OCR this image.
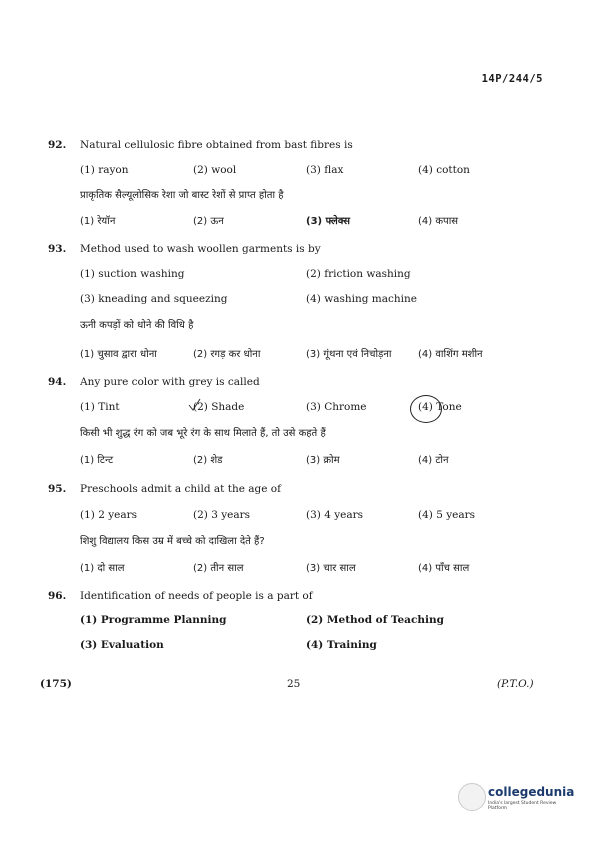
14P/244/5
92. Natural cellulosic fibre obtained from bast fibres is
(1) rayon	(2) wool	(3) flax	(4) cotton
प्राकृतिक सैल्यूलोसिक रेशा जो बास्ट रेशों से प्राप्त होता है
(1) रेयॉन	(2) ऊन	(3) फ्लेक्स	(4) कपास
93. Method used to wash woollen garments is by
(1) suction washing	(2) friction washing
(3) kneading and squeezing	(4) washing machine
ऊनी कपड़ों को धोने की विधि है
(1) चुसाव द्वारा धोना	(2) रगड़ कर धोना	(3) गूंथना एवं निचोड़ना	(4) वाशिंग मशीन
94. Any pure color with grey is called
(1) Tint	(2) Shade	(3) Chrome	(4) Tone
किसी भी शुद्ध रंग को जब भूरे रंग के साथ मिलाते हैं, तो उसे कहते हैं
(1) टिन्ट	(2) शेड	(3) क्रोम	(4) टोन
95. Preschools admit a child at the age of
(1) 2 years	(2) 3 years	(3) 4 years	(4) 5 years
शिशु विद्यालय किस उम्र में बच्चे को दाखिला देते हैं?
(1) दो साल	(2) तीन साल	(3) चार साल	(4) पाँच साल
96. Identification of needs of people is a part of
(1) Programme Planning	(2) Method of Teaching
(3) Evaluation	(4) Training
(175)	25	(P.T.O.)
collegedunia
India's largest Student Review Platform
